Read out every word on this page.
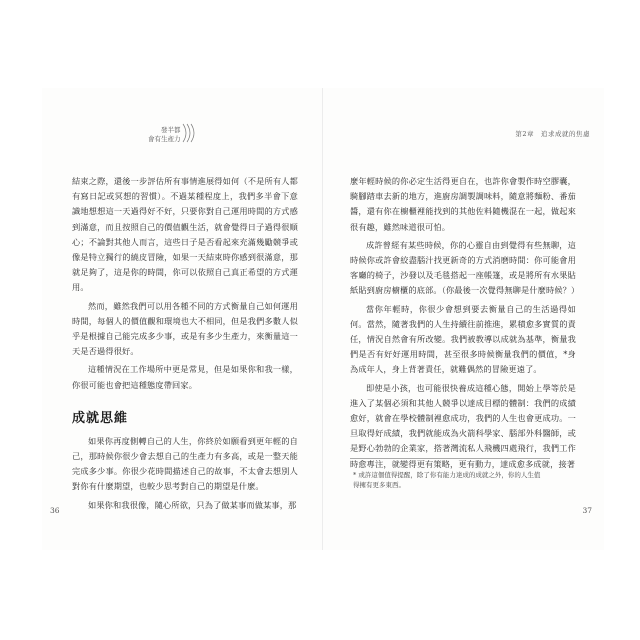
發半都
會有生產力

結束之際，還後一步評估所有事情進展得如何（不是所有人都有寫日記或冥想的習慣）。不過某種程度上，我們多半會下意識地想想這一天過得好不好，只要你對自己運用時間的方式感到滿意，而且按照自己的價值觀生活，就會覺得日子過得很順心；不論對其他人而言，這些日子是否看起來充滿幾勵競爭或像是特立獨行的繞皮冒險，如果一天結束時你感到很滿意，那就足夠了，這是你的時間，你可以依照自己真正希望的方式運用。

然而，雖然我們可以用各種不同的方式衡量自己如何運用時間，每個人的價值觀和環境也大不相同，但是我們多數人似乎是根據自己能完成多少事，或是有多少生產力，來衡量這一天是否過得很好。

這種情況在工作場所中更是常見，但是如果你和我一樣，你很可能也會把這種態度帶回家。

成就思維

如果你再度側轉自己的人生，你終於如願看到更年輕的自己，那時候你很少會去想自己的生產力有多高，或是一整天能完成多少事。你很少花時間描述自己的故事，不太會去想別人對你有什麼期望，也較少思考對自己的期望是什麼。

如果你和我很像，隨心所欲，只為了做某事而做某事，那

36
第2章　追求成就的焦慮

麼年輕時候的你必定生活得更自在，也許你會製作時空膠囊，騎腳踏車去新的地方，進廚房調製調味料，隨意將麵粉、番茄醬，還有你在櫥櫃裡能找到的其他佐料隨機混在一起，做起來很有趣，雖然味道很可怕。

成許曾經有某些時候，你的心靈自由到覺得有些無聊，這時候你或許會絞盡腦汁找更新奇的方式消磨時間：你可能會用客廳的椅子，沙發以及毛毯搭起一座帳篷，或是將所有水果貼紙貼到廚房櫥櫃的底部。（你最後一次覺得無聊是什麼時候？）

當你年輕時，你很少會想到要去衡量自己的生活過得如何。當然，隨著我們的人生持續往前推進，累積愈多實質的責任，情況自然會有所改變。我們被教導以成就為基準，衡量我們是否有好好運用時間，甚至很多時候衡量我們的價值，*身為成年人，身上背著責任，就難偶然的冒險更遠了。

即使是小孩，也可能很快養成這種心態，開始上學等於是進入了某個必須和其他人競爭以達成目標的體制：我們的成績愈好，就會在學校體制裡愈成功，我們的人生也會更成功。一旦取得好成績，我們就能成為火箭科學家、腦部外科醫師，或是野心勃勃的企業家，搭著灣流私人飛機四處飛行，我們工作時愈專注，就變得更有策略，更有動力，達成愈多成就，接著

* 或許這個值得提醒，除了你有能力達成的成就之外，你的人生值得擁有更多東西。
37
